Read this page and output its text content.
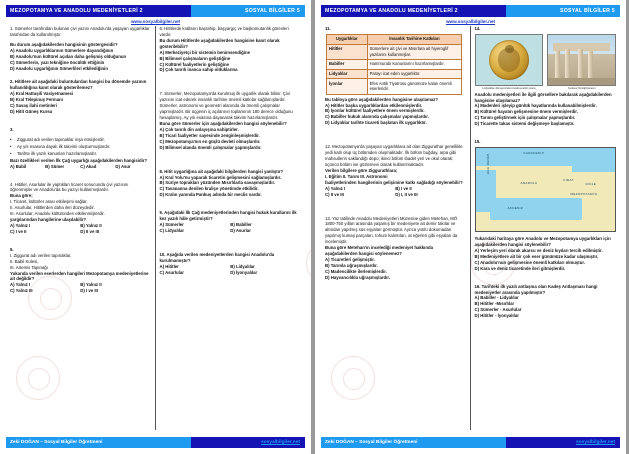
MEZOPOTAMYA VE ANADOLU MEDENİYETLERİ 2	SOSYAL BİLGİLER 5
www.sosyalbilgiler.net

1. Sümerler tarafından bulunan çivi yazısı Anadolu'da yaşayan uygarlıklar tarafından da kullanılmıştır.

Bu durum aşağıdakilerden hangisinin göstergesidir?

A) Anadolu uygarlıklarının Sümerlere dayandığının

B) Anadolu'nun kültürel açıdan daha gelişmiş olduğunun

C) Sümerlerin, yazı tekniğine öncülük ettiğinin

D) Anadolu uygarlığının Sümerlileri etkilediğinin

2. Hititlere ait aşağıdaki buluntulardan hangisi bu dönemde yazının kullanıldığına kanıt olarak gösterilemez?

A) Kral Hattuşili Vasiyetnamesi

B) Kral Telepinuş Fermanı

C) Savaş ilahi metinleri

D) Hitit Güneş Kursu

3.

•	Ziggurat adı verilen tapınaklar inşa etmişlerdir.
•	Ay yılı esasına dayalı ilk takvimi oluşturmuşlardır.
•	Tarihte ilk yazılı kanunları hazırlamışlardır.

Bazı özellikleri verilen İlk Çağ uygarlığı aşağıdakilerden hangisidir?

A) Babil	B) Sümer	C) Akad	D) Asur

4. Hititler, Asurlular ile yaptıkları ticaret sonucunda çivi yazısını öğrenmişler ve Anadolu'da bu yazıyı kullanmışlardır.

Buna göre;

I. Ticaret, kültürler arası etkileşimi sağlar.

II. Asurlular, Hititlerden daha ileri düzeydedir.

III. Asurlular, Anadolu kültüründen etkilenmişlerdir.

yargılarından hangilerine ulaşılabilir?

A) Yalnız I	B) Yalnız II
C) I ve II	D) II ve III

5.

I. Ziggurat adı verilen tapınaklar,

II. Babil Kulesi,

III. Artemis Tapınağı

Yukarıda verilen eserlerden hangileri Mezopotamya medeniyetlerine ait değildir?

A) Yalnız I	B) Yalnız II
C) Yalnız III	D) I ve III

6. Hititlerde kralların başrahip, başyargıç ve başkomutanlık görevleri vardır.

Bu durum Hititlerde aşağıdakilerden hangisine kanıt olarak gösterilebilir?

A) Merkeziyetçi bir sistemin benimsendiğine

B) Bilimsel çalışmaların geliştiğine

C) Kültürel faaliyetlerin geliştiğine

D) Çok tanrılı inanca sahip olduklarına

7. Sümerler, Mezopotamya'da kurulmuş ilk uygarlık olarak bilinir. Çivi yazısını icat ederek insanlık tarihine önemli katkılar sağlamışlardır. Sümerler, astronomi ve geometri alanında da önemli çalışmalar yapmışlardır. Bir üçgenin iç açılarının toplamının 180 derece olduğunu hesaplamış, Ay yılı esasına dayanarak takvim hazırlamışlardır.

Buna göre Sümerler için aşağıdakilerden hangisi söylenebilir?

A) Çok tanrılı din anlayışına sahiptirler.

B) Ticari faaliyetler sayesinde zenginleşmişlerdir.

C) Mezopotamya'nın en güçlü devleti olmuşlardır.

D) Bilimsel alanda önemli çalışmalar yapmışlardır.

8. Hitit uygarlığına ait aşağıdaki bilgilerden hangisi yanlıştır?

A) Kral Yolu'nu yaparak ticaretin gelişmesini sağlamışlardır.

B) Suriye toprakları yüzünden Mısırlılarla savaşmışlardır.

C) Tavananna denilen kraliçe yönetimde etkilidir.

D) Kralın yanında Pankuş adında bir meclis vardır.

9. Aşağıdaki İlk Çağ medeniyetlerinden hangisi hukuk kurallarını ilk kez yazılı hâle getirmiştir?

A) Sümerler	B) Babiller
C) Lidyalılar	D) Asurlar

10. Aşağıda verilen medeniyetlerden hangisi Anadolu'da kurulmamıştır?

A) Hititler	B) Lidyalılar
C) Asurlular	D) İyonyalılar
Zeki DOĞAN – Sosyal Bilgiler Öğretmeni	sosyalbilgiler.net
MEZOPOTAMYA VE ANADOLU MEDENİYETLERİ 2	SOSYAL BİLGİLER 5
www.sosyalbilgiler.net

11.

Uygarlıklar	İnsanlık Tarihine Katkıları
Hititler	Sümerlere ait çivi ve Mısırlara ait hiyeroglif yazılarını kullanmışlar.
Babiller	Hammurabi Kanunlarını hazırlamışlardır.
Lidyalılar	Parayı icat eden uygarlıktır.
İyonlar	Efes Antik Tiyatrosu günümüze kalan önemli eserleridir.

Bu tabloya göre aşağıdakilerden hangisine ulaşılamaz?

A) Hititler başka uygarlıklardan etkilenmişlerdir.

B) İyonlar kültürel faaliyetlere önem vermişlerdir.

C) Babiller hukuk alanında çalışmalar yapmışlardır.

D) Lidyalılar tarihte ticareti başlatan ilk uygarlıktır.

12. Mezopotamya'da yaşayan uygarlıklara ait olan Ziggurathar genellikle yedi katlı olup üç bölümden oluşmaktadır. İlk bölüm buğday, arpa gibi mahsullerin saklandığı depo; ikinci bölüm ibadet yeri ve okul olarak; üçüncü bölüm ise gözlemevi olarak kullanılmaktadır.

Verilen bilgilere göre Ziggurathlara;

I. Eğitim II. Tarım III. Astronomi

faaliyetlerinden hangilerinin gelişimine katkı sağladığı söylenebilir?

A) Yalnız I	B) I ve II
C) II ve III	D) I, II ve III

13. Yaz tatilinde Anadolu Medeniyetleri Müzesine giden Metehan, MÖ 1800-750 yılları arasında yaşamış bir medeniyete ait demir takılar ve altından yapılmış süs eşyaları görmüştür. Ayrıca yünlü dokumadan yapılmış kumaş parçaları, tohum kalıntıları, at eğerleri gibi eşyaları da incelemiştir.

Buna göre Metehan'ın incelediği medeniyet hakkında aşağıdakilerden hangisi söylenemez?

A) Ticaretleri gelişmiştir.

B) Tarımla uğraşmışlardır.

C) Madencilikte ilerlemişlerdir.

D) Hayvancılıkla uğraşmışlardır.

14.

Lidyalılar döneminden kalma altın para	Celsus Kütüphanesi

Anadolu medeniyetleri ile ilgili görsellere bakılarak aşağıdakilerden hangisine ulaşılamaz?

A) Madenleri işleyip günlük hayatlarında kullanabilmişlerdir.

B) Kültürel hayatın gelişmesine önem vermişlerdir.

C) Tarımı geliştirmek için çalışmalar yapmışlardır.

D) Ticarette takas sistemi değişmeye başlamıştır.

15.

KARADENİZ
AKDENİZ
EGE DENİZİ
ANADOLU
MEZOPOTAMYA
FIRAT
DİCLE

Yukarıdaki haritaya göre Anadolu ve Mezopotamya uygarlıkları için aşağıdakilerden hangisi söylenebilir?

A) Yerleşim yeri olarak akarsu ve deniz kıyıları tercih edilmiştir.

B) Medeniyetlere ait bir çok eser günümüze kadar ulaşmıştır.

C) Anadolu'nun gelişmesine önemli katkıları olmuştur.

D) Kara ve deniz ticaretinde ileri gitmişlerdir.

16. Tarihteki ilk yazılı antlaşma olan Kadeş Antlaşması hangi medeniyetler arasında yapılmıştır?

A) Babiller - Lidyalılar

B) Hititler -Mısırlılar

C) Sümerler - Asurlular

D) Hititler - İyonyalılar

Zeki DOĞAN – Sosyal Bilgiler Öğretmeni	sosyalbilgiler.net
